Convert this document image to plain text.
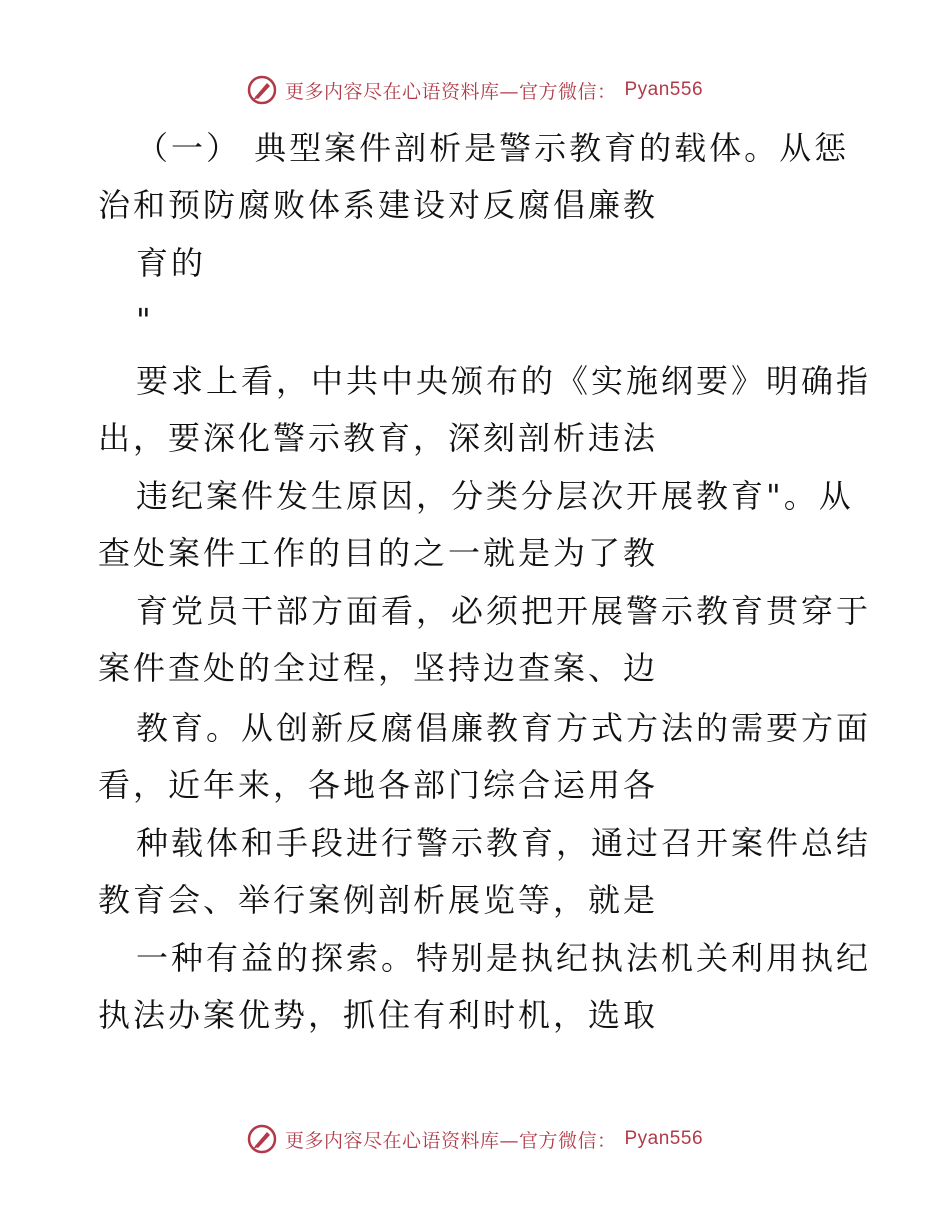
更多内容尽在心语资料库—官方微信： Pyan556
（一） 典型案件剖析是警示教育的载体。从惩
治和预防腐败体系建设对反腐倡廉教
育的
"
要求上看，中共中央颁布的《实施纲要》明确指
出，要深化警示教育，深刻剖析违法
违纪案件发生原因，分类分层次开展教育"。从
查处案件工作的目的之一就是为了教
育党员干部方面看，必须把开展警示教育贯穿于
案件查处的全过程，坚持边查案、边
教育。从创新反腐倡廉教育方式方法的需要方面
看，近年来，各地各部门综合运用各
种载体和手段进行警示教育，通过召开案件总结
教育会、举行案例剖析展览等，就是
一种有益的探索。特别是执纪执法机关利用执纪
执法办案优势，抓住有利时机，选取
更多内容尽在心语资料库—官方微信： Pyan556
